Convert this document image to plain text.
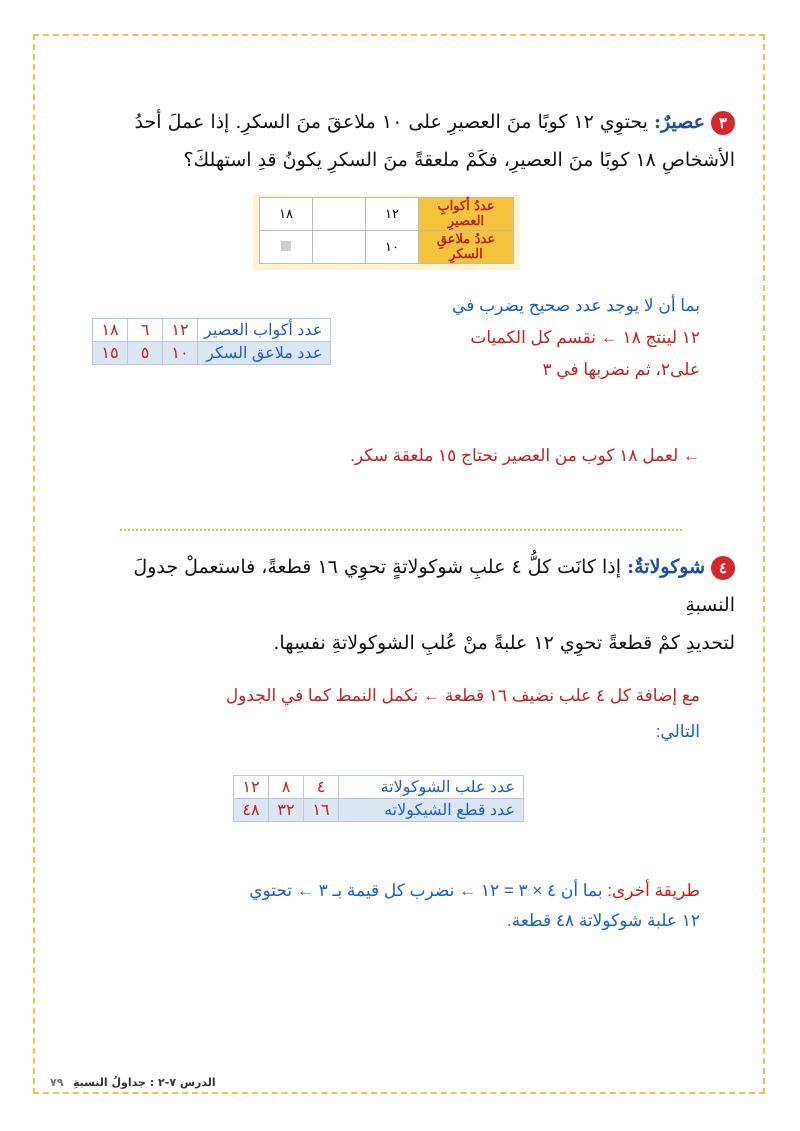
٣عصيرٌ: يحتوِي ١٢ كوبًا منَ العصيرِ على ١٠ ملاعقَ منَ السكرِ. إذا عملَ أحدُ
الأشخاصِ ١٨ كوبًا منَ العصيرِ، فكَمْ ملعقةً منَ السكرِ يكونُ قدِ استهلكَ؟
عددُ أكوابِ العصيرِ	١٢		١٨
عددُ ملاعقِ السكرِ	١٠		
بما أن لا يوجد عدد صحيح يضرب في
١٢ لينتج ١٨ ← نقسم كل الكميات
على٢، ثم نضربها في ٣
عدد أكواب العصير	١٢	٦	١٨
عدد ملاعق السكر	١٠	٥	١٥
← لعمل ١٨ كوب من العصير نحتاج ١٥ ملعقة سكر.
٤شوكولاتةٌ: إذا كانَت كلُّ ٤ علبِ شوكولاتةٍ تحوِي ١٦ قطعةً، فاستعملْ جدولَ النسبةِ
لتحديدِ كمْ قطعةً تحوِي ١٢ علبةً منْ عُلبِ الشوكولاتةِ نفسِها.
مع إضافة كل ٤ علب نضيف ١٦ قطعة ← نكمل النمط كما في الجدول
التالي:
عدد علب الشوكولاتة	٤	٨	١٢
عدد قطع الشيكولاته	١٦	٣٢	٤٨
طريقة أخرى: بما أن ٤ × ٣ = ١٢ ← نضرب كل قيمة بـ ٣ ← تحتوي
١٢ علبة شوكولاتة ٤٨ قطعة.
الدرس ٧-٢ : جداولُ النسبةِ ٧٩
